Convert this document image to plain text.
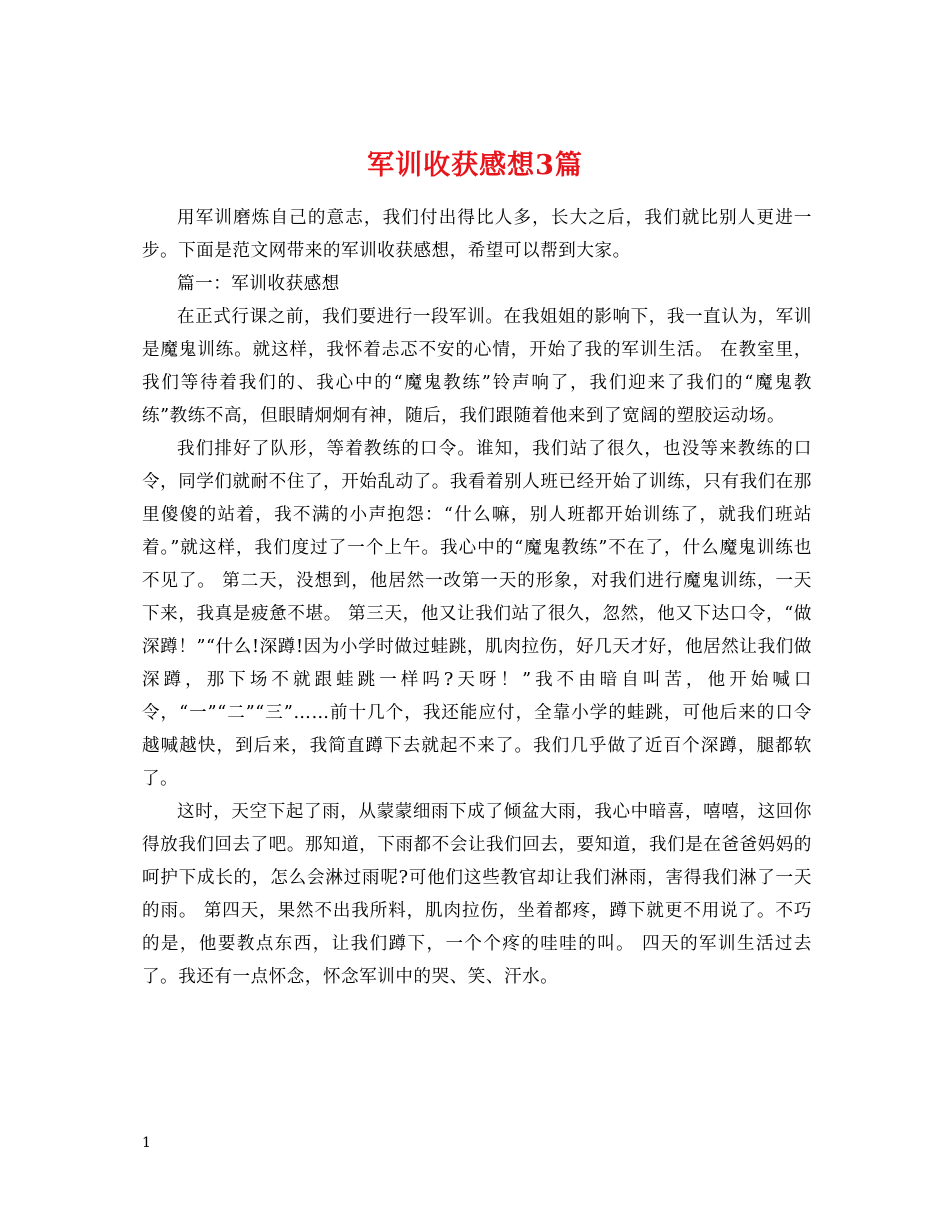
军训收获感想3篇

用军训磨炼自己的意志，我们付出得比人多，长大之后，我们就比别人更进一步。下面是范文网带来的军训收获感想，希望可以帮到大家。

篇一：军训收获感想

在正式行课之前，我们要进行一段军训。在我姐姐的影响下，我一直认为，军训是魔鬼训练。就这样，我怀着忐忑不安的心情，开始了我的军训生活。 在教室里，我们等待着我们的、我心中的“魔鬼教练”铃声响了，我们迎来了我们的“魔鬼教练”教练不高，但眼睛炯炯有神，随后，我们跟随着他来到了宽阔的塑胶运动场。

我们排好了队形，等着教练的口令。谁知，我们站了很久，也没等来教练的口令，同学们就耐不住了，开始乱动了。我看着别人班已经开始了训练，只有我们在那里傻傻的站着，我不满的小声抱怨：“什么嘛，别人班都开始训练了，就我们班站着。”就这样，我们度过了一个上午。我心中的“魔鬼教练”不在了，什么魔鬼训练也不见了。 第二天，没想到，他居然一改第一天的形象，对我们进行魔鬼训练，一天下来，我真是疲惫不堪。 第三天，他又让我们站了很久，忽然，他又下达口令，“做深蹲！”“什么!深蹲!因为小学时做过蛙跳，肌肉拉伤，好几天才好，他居然让我们做深蹲，那下场不就跟蛙跳一样吗?天呀！”我不由暗自叫苦，他开始喊口令，“一”“二”“三”……前十几个，我还能应付，全靠小学的蛙跳，可他后来的口令越喊越快，到后来，我简直蹲下去就起不来了。我们几乎做了近百个深蹲，腿都软了。

这时，天空下起了雨，从蒙蒙细雨下成了倾盆大雨，我心中暗喜，嘻嘻，这回你得放我们回去了吧。那知道，下雨都不会让我们回去，要知道，我们是在爸爸妈妈的呵护下成长的，怎么会淋过雨呢?可他们这些教官却让我们淋雨，害得我们淋了一天的雨。 第四天，果然不出我所料，肌肉拉伤，坐着都疼，蹲下就更不用说了。不巧的是，他要教点东西，让我们蹲下，一个个疼的哇哇的叫。 四天的军训生活过去了。我还有一点怀念，怀念军训中的哭、笑、汗水。

1
